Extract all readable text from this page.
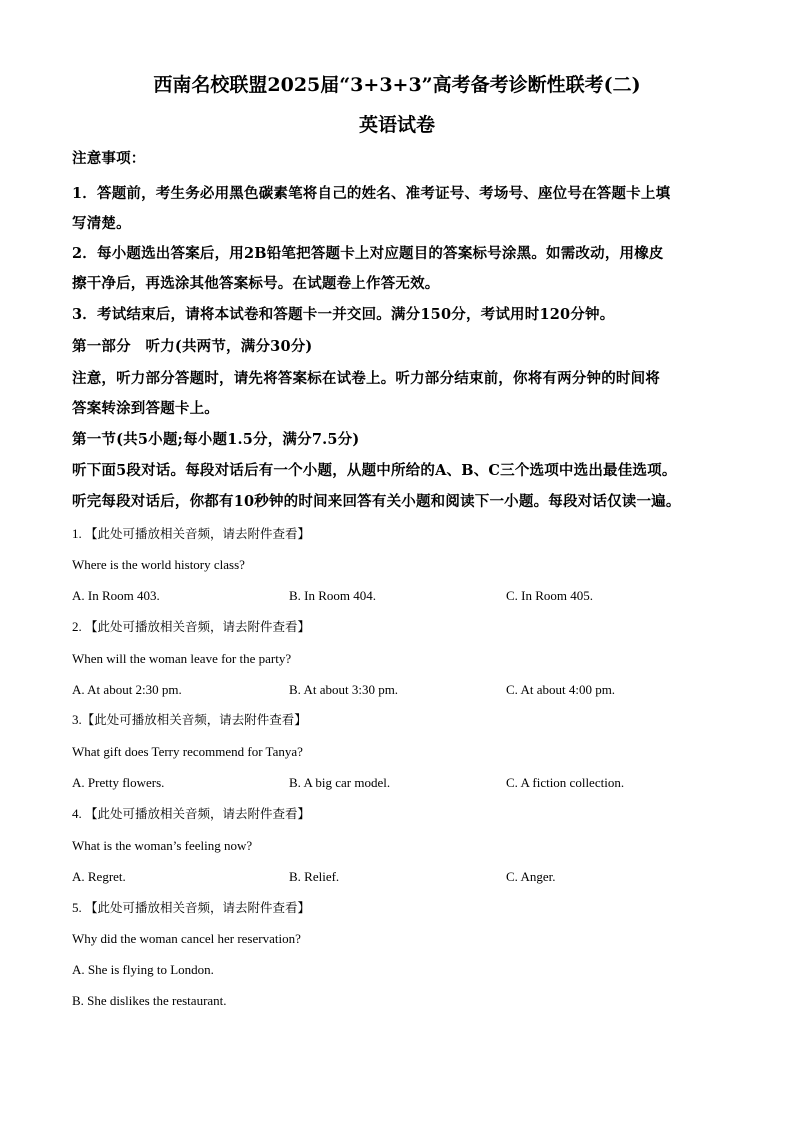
西南名校联盟2025届“3+3+3”高考备考诊断性联考(二)
英语试卷
注意事项：
1．答题前，考生务必用黑色碳素笔将自己的姓名、准考证号、考场号、座位号在答题卡上填
写清楚。
2．每小题选出答案后，用2B铅笔把答题卡上对应题目的答案标号涂黑。如需改动，用橡皮
擦干净后，再选涂其他答案标号。在试题卷上作答无效。
3．考试结束后，请将本试卷和答题卡一并交回。满分150分，考试用时120分钟。
第一部分　听力(共两节，满分30分)
注意，听力部分答题时，请先将答案标在试卷上。听力部分结束前，你将有两分钟的时间将
答案转涂到答题卡上。
第一节(共5小题;每小题1.5分，满分7.5分)
听下面5段对话。每段对话后有一个小题，从题中所给的A、B、C三个选项中选出最佳选项。
听完每段对话后，你都有10秒钟的时间来回答有关小题和阅读下一小题。每段对话仅读一遍。
1. 【此处可播放相关音频，请去附件查看】
Where is the world history class?
A. In Room 403.	B. In Room 404.	C. In Room 405.
2. 【此处可播放相关音频，请去附件查看】
When will the woman leave for the party?
A. At about 2:30 pm.	B. At about 3:30 pm.	C. At about 4:00 pm.
3.【此处可播放相关音频，请去附件查看】
What gift does Terry recommend for Tanya?
A. Pretty flowers.	B. A big car model.	C. A fiction collection.
4. 【此处可播放相关音频，请去附件查看】
What is the woman’s feeling now?
A. Regret.	B. Relief.	C. Anger.
5. 【此处可播放相关音频，请去附件查看】
Why did the woman cancel her reservation?
A. She is flying to London.
B. She dislikes the restaurant.
